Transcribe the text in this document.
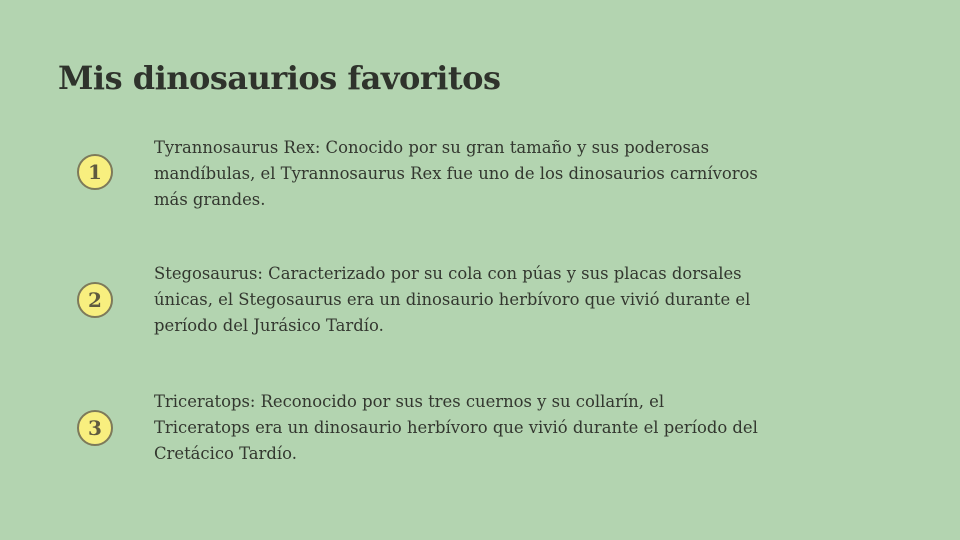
Mis dinosaurios favoritos
1

Tyrannosaurus Rex: Conocido por su gran tamaño y sus poderosas mandíbulas, el Tyrannosaurus Rex fue uno de los dinosaurios carnívoros más grandes.

2

Stegosaurus: Caracterizado por su cola con púas y sus placas dorsales únicas, el Stegosaurus era un dinosaurio herbívoro que vivió durante el período del Jurásico Tardío.

3

Triceratops: Reconocido por sus tres cuernos y su collarín, el Triceratops era un dinosaurio herbívoro que vivió durante el período del Cretácico Tardío.
